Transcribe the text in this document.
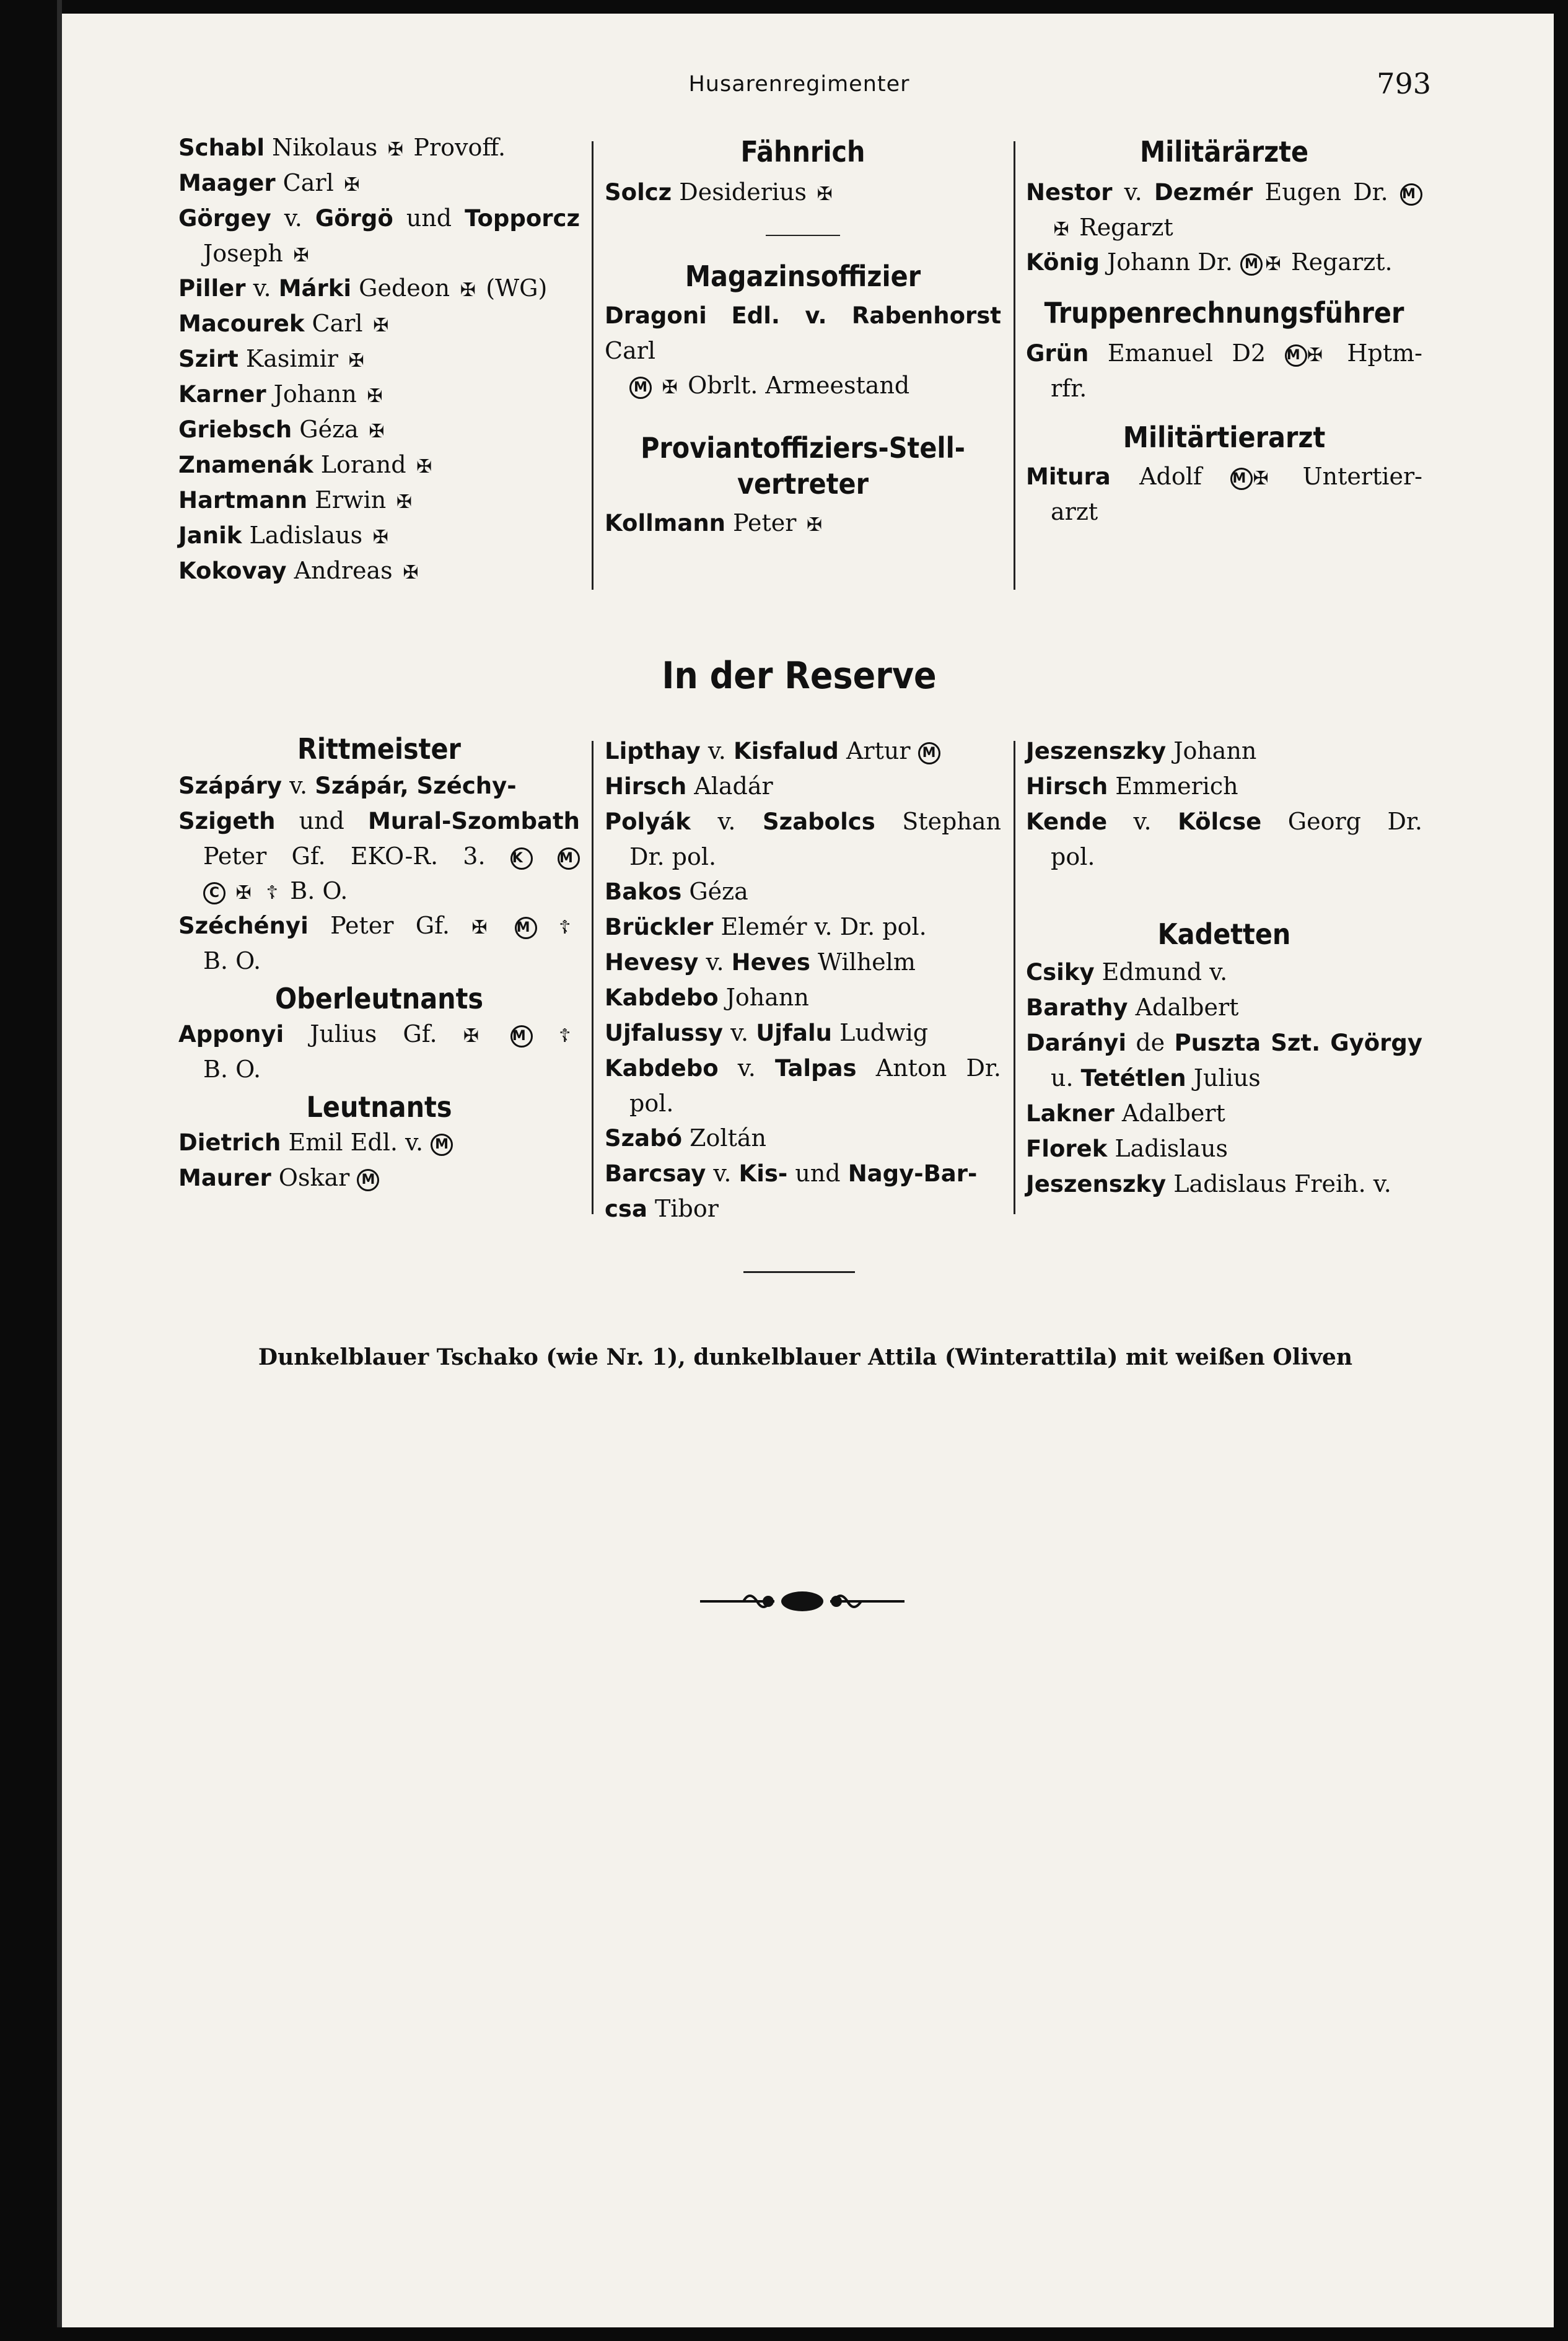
Husarenregimenter	793

Schabl Nikolaus ✠ Provoff.

Maager Carl ✠

Görgey v. Görgö und Topporcz

Joseph ✠

Piller v. Márki Gedeon ✠ (WG)

Macourek Carl ✠

Szirt Kasimir ✠

Karner Johann ✠

Griebsch Géza ✠

Znamenák Lorand ✠

Hartmann Erwin ✠

Janik Ladislaus ✠

Kokovay Andreas ✠

Fähnrich

Solcz Desiderius ✠

Magazinsoffizier

Dragoni Edl. v. Rabenhorst Carl

M ✠ Obrlt. Armeestand

Proviantoffiziers-Stell-
vertreter

Kollmann Peter ✠

Militärärzte

Nestor v. Dezmér Eugen Dr. M

✠ Regarzt

König Johann Dr. M ✠ Regarzt.

Truppenrechnungsführer

Grün Emanuel D2 M ✠ Hptm-

rfr.

Militärtierarzt

Mitura Adolf M ✠ Untertier-

arzt

In der Reserve

Rittmeister

Szápáry v. Szápár, Széchy-

Szigeth und Mural-Szombath

Peter Gf. EKO-R. 3. K	M

C ✠ ☦ B. O.

Széchényi Peter Gf. ✠ M ☦

B. O.

Oberleutnants

Apponyi Julius Gf. ✠ M ☦

B. O.

Leutnants

Dietrich Emil Edl. v. M

Maurer Oskar M

Lipthay v. Kisfalud Artur M

Hirsch Aladár

Polyák v. Szabolcs Stephan

Dr. pol.

Bakos Géza

Brückler Elemér v. Dr. pol.

Hevesy v. Heves Wilhelm

Kabdebo Johann

Ujfalussy v. Ujfalu Ludwig

Kabdebo v. Talpas Anton Dr.

pol.

Szabó Zoltán

Barcsay v. Kis- und Nagy-Bar-

csa Tibor

Jeszenszky Johann

Hirsch Emmerich

Kende v. Kölcse Georg Dr.

pol.

Kadetten

Csiky Edmund v.

Barathy Adalbert

Darányi de Puszta Szt. György

u. Tetétlen Julius

Lakner Adalbert

Florek Ladislaus

Jeszenszky Ladislaus Freih. v.

Dunkelblauer Tschako (wie Nr. 1), dunkelblauer Attila (Winterattila) mit weißen Oliven
